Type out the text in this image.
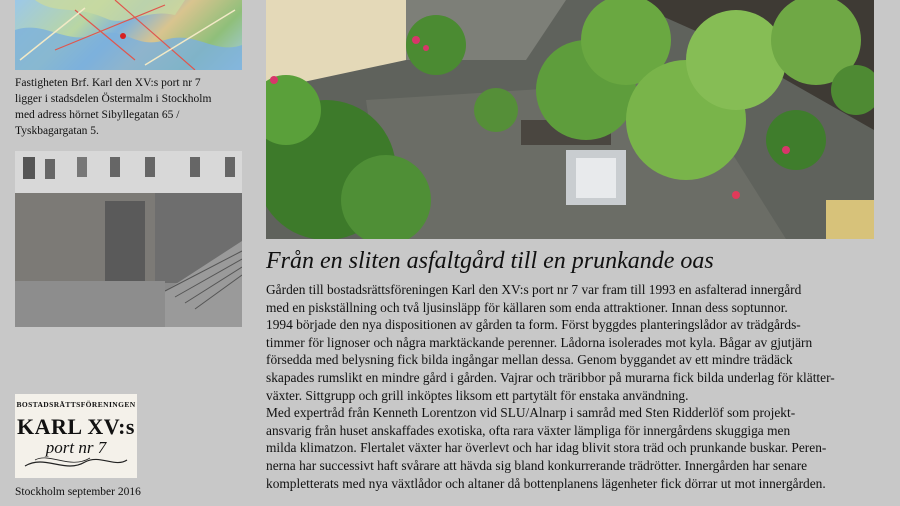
Fastigheten Brf. Karl den XV:s port nr 7
ligger i stadsdelen Östermalm i Stockholm
med adress hörnet Sibyllegatan 65 /
Tyskbagargatan 5.
Från en sliten asfaltgård till en prunkande oas

Gården till bostadsrättsföreningen Karl den XV:s port nr 7 var fram till 1993 en asfalterad innergård

med en piskställning och två ljusinsläpp för källaren som enda attraktioner. Innan dess soptunnor.

1994 började den nya dispositionen av gården ta form. Först byggdes planteringslådor av trädgårds-

timmer för lignoser och några marktäckande perenner. Lådorna isolerades mot kyla. Bågar av gjutjärn

försedda med belysning fick bilda ingångar mellan dessa. Genom byggandet av ett mindre trädäck

skapades rumslikt en mindre gård i gården. Vajrar och träribbor på murarna fick bilda underlag för klätter-

växter. Sittgrupp och grill inköptes liksom ett partytält för enstaka användning.

Med expertråd från Kenneth Lorentzon vid SLU/Alnarp i samråd med Sten Ridderlöf som projekt-

ansvarig från huset anskaffades exotiska, ofta rara växter lämpliga för innergårdens skuggiga men

milda klimatzon. Flertalet växter har överlevt och har idag blivit stora träd och prunkande buskar. Peren-

nerna har successivt haft svårare att hävda sig bland konkurrerande trädrötter. Innergården har senare

kompletterats med nya växtlådor och altaner då bottenplanens lägenheter fick dörrar ut mot innergården.

BOSTADSRÄTTSFÖRENINGEN
KARL XV:s
port nr 7
Stockholm september 2016
